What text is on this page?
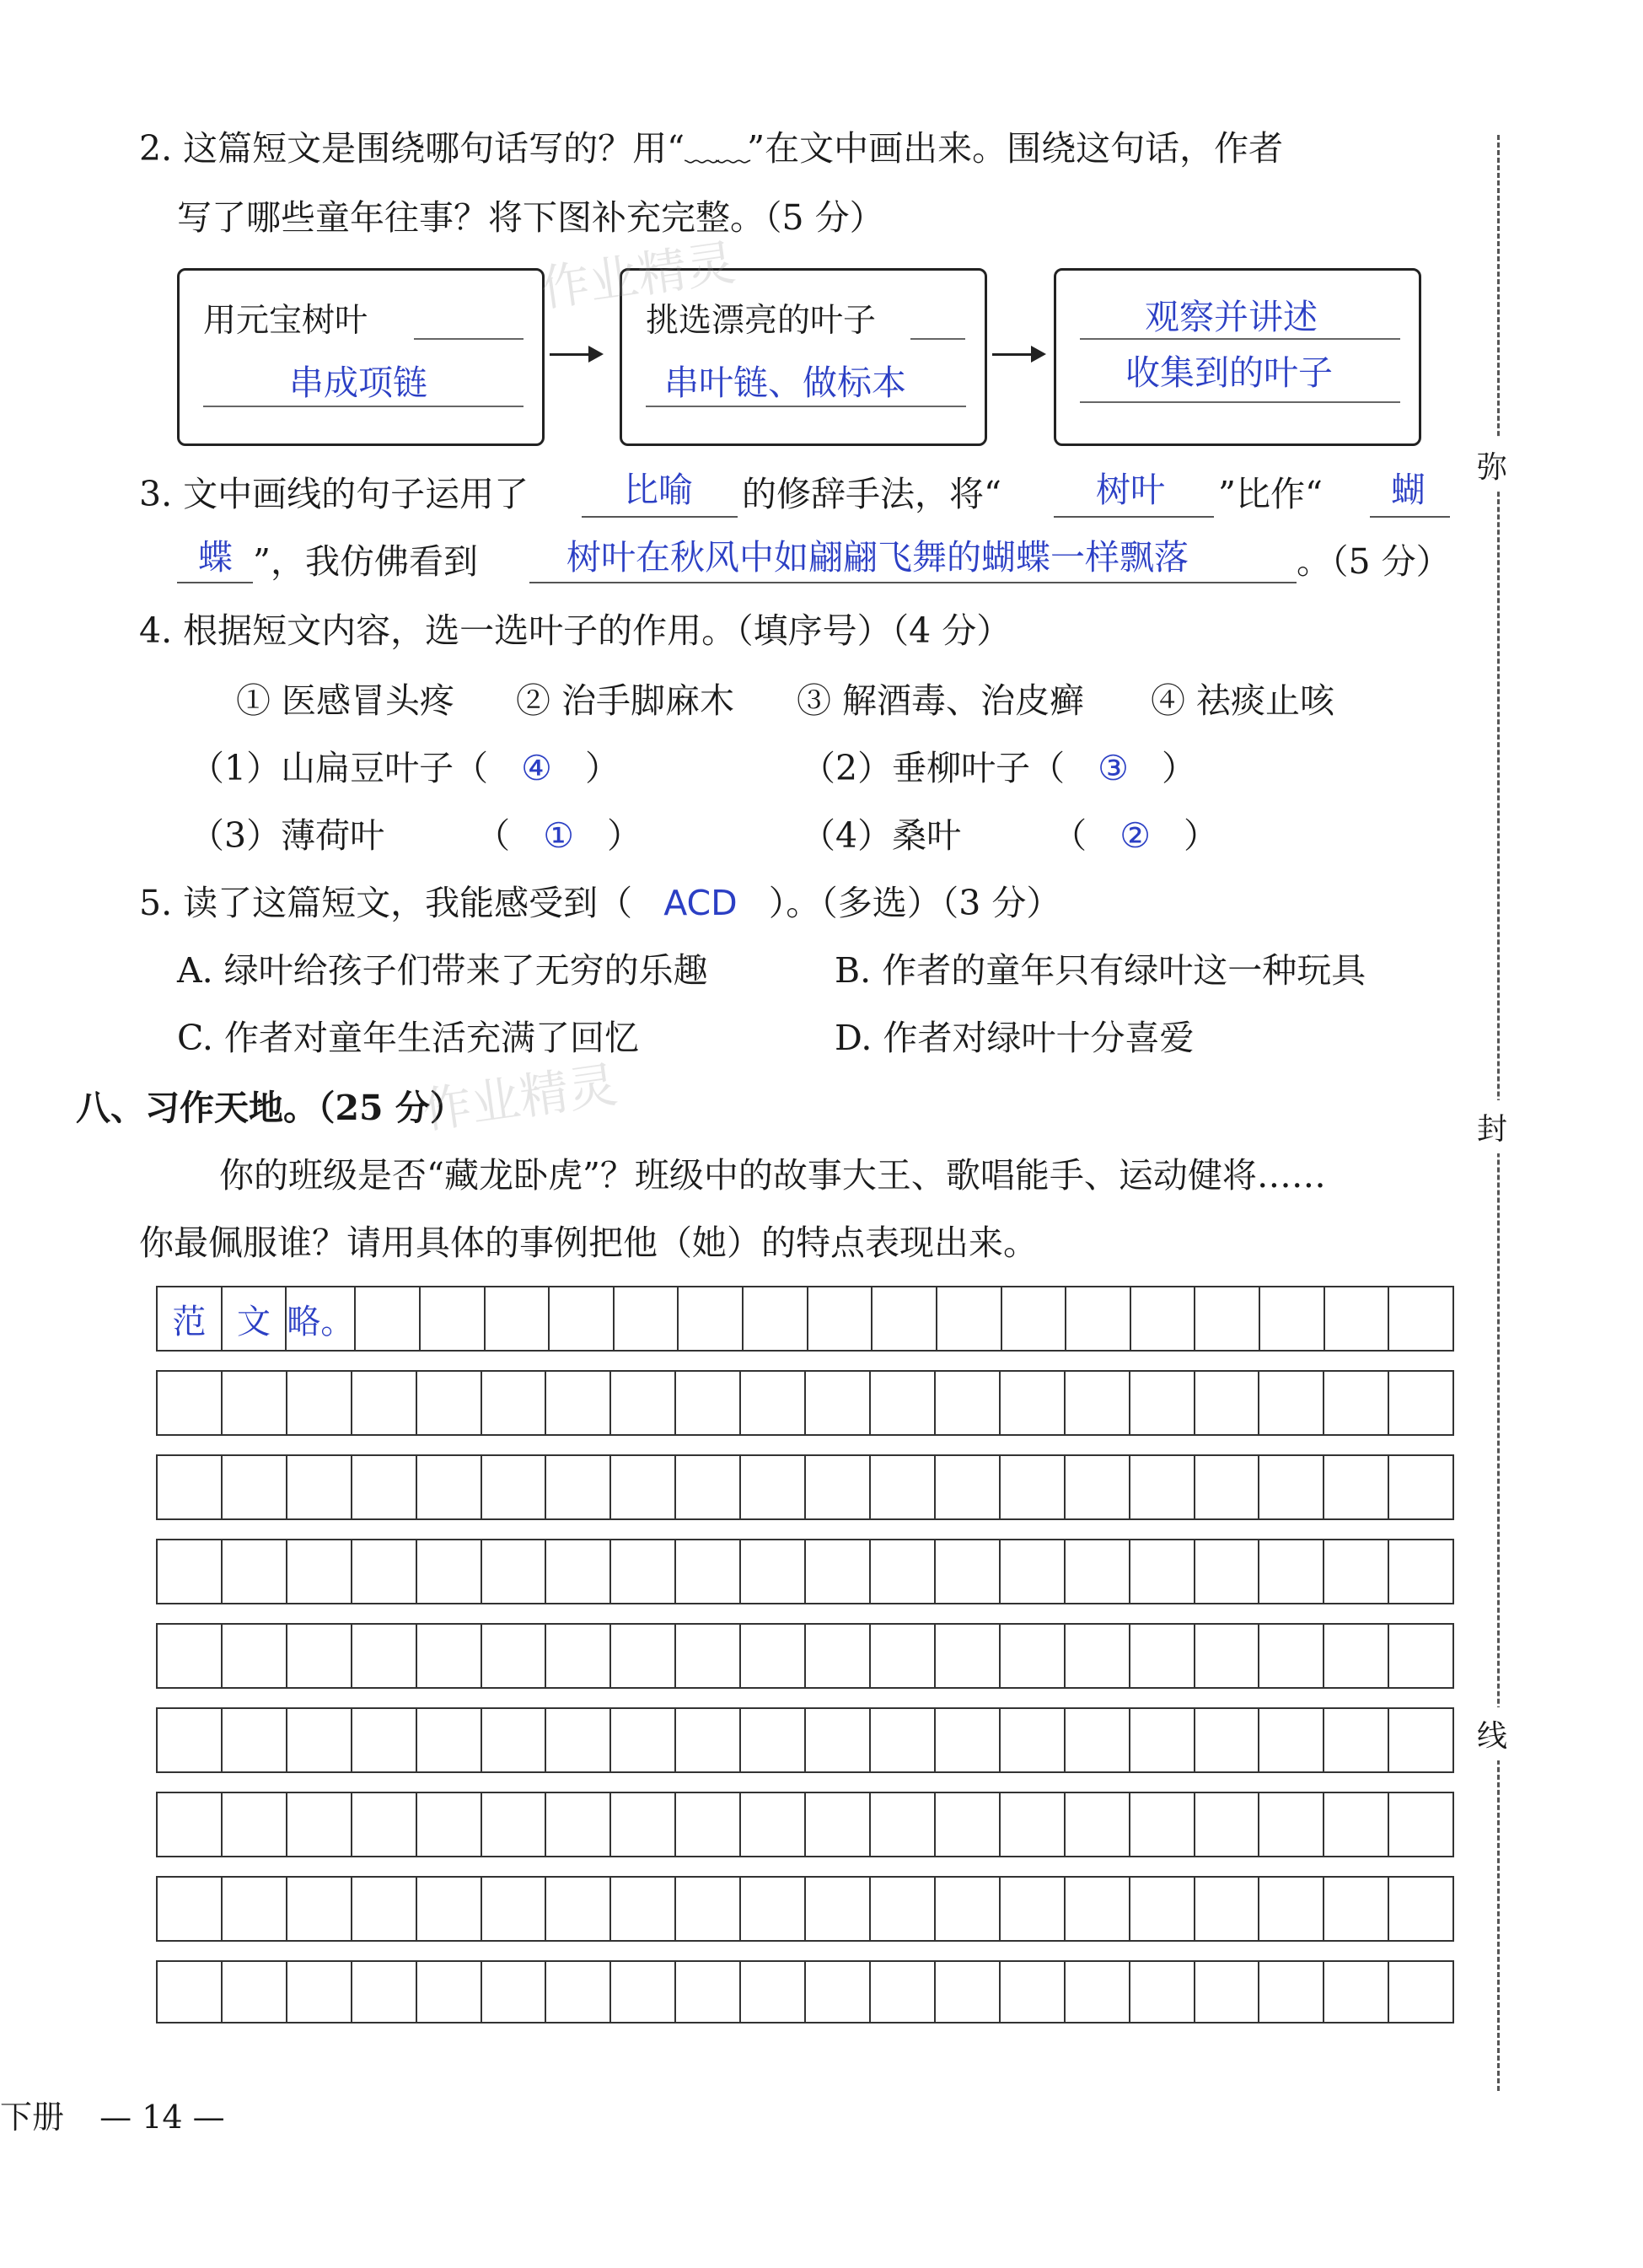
2. 这篇短文是围绕哪句话写的？用“﹏﹏”在文中画出来。围绕这句话，作者
写了哪些童年往事？将下图补充完整。（5 分）
用元宝树叶
串成项链
挑选漂亮的叶子
串叶链、做标本
观察并讲述
收集到的叶子
3. 文中画线的句子运用了	比喻 的修辞手法，将“	树叶 ”比作“ 蝴
蝶 ”，我仿佛看到	树叶在秋风中如翩翩飞舞的蝴蝶一样飘落	。（5 分）
4. 根据短文内容，选一选叶子的作用。（填序号）（4 分）
① 医感冒头疼 ② 治手脚麻木 ③ 解酒毒、治皮癣 ④ 祛痰止咳
（1）山扁豆叶子（ ④ ）	（2）垂柳叶子（ ③ ）
（3）薄荷叶	（ ① ）	（4）桑叶	（ ② ）
5. 读了这篇短文，我能感受到（ ACD ）。（多选）（3 分）
A. 绿叶给孩子们带来了无穷的乐趣	B. 作者的童年只有绿叶这一种玩具
C. 作者对童年生活充满了回忆	D. 作者对绿叶十分喜爱
八、习作天地。（25 分）
你的班级是否“藏龙卧虎”？班级中的故事大王、歌唱能手、运动健将……
你最佩服谁？请用具体的事例把他（她）的特点表现出来。
范 文 略。
弥
封
线
下册 — 14 —
作业精灵
作业精灵
